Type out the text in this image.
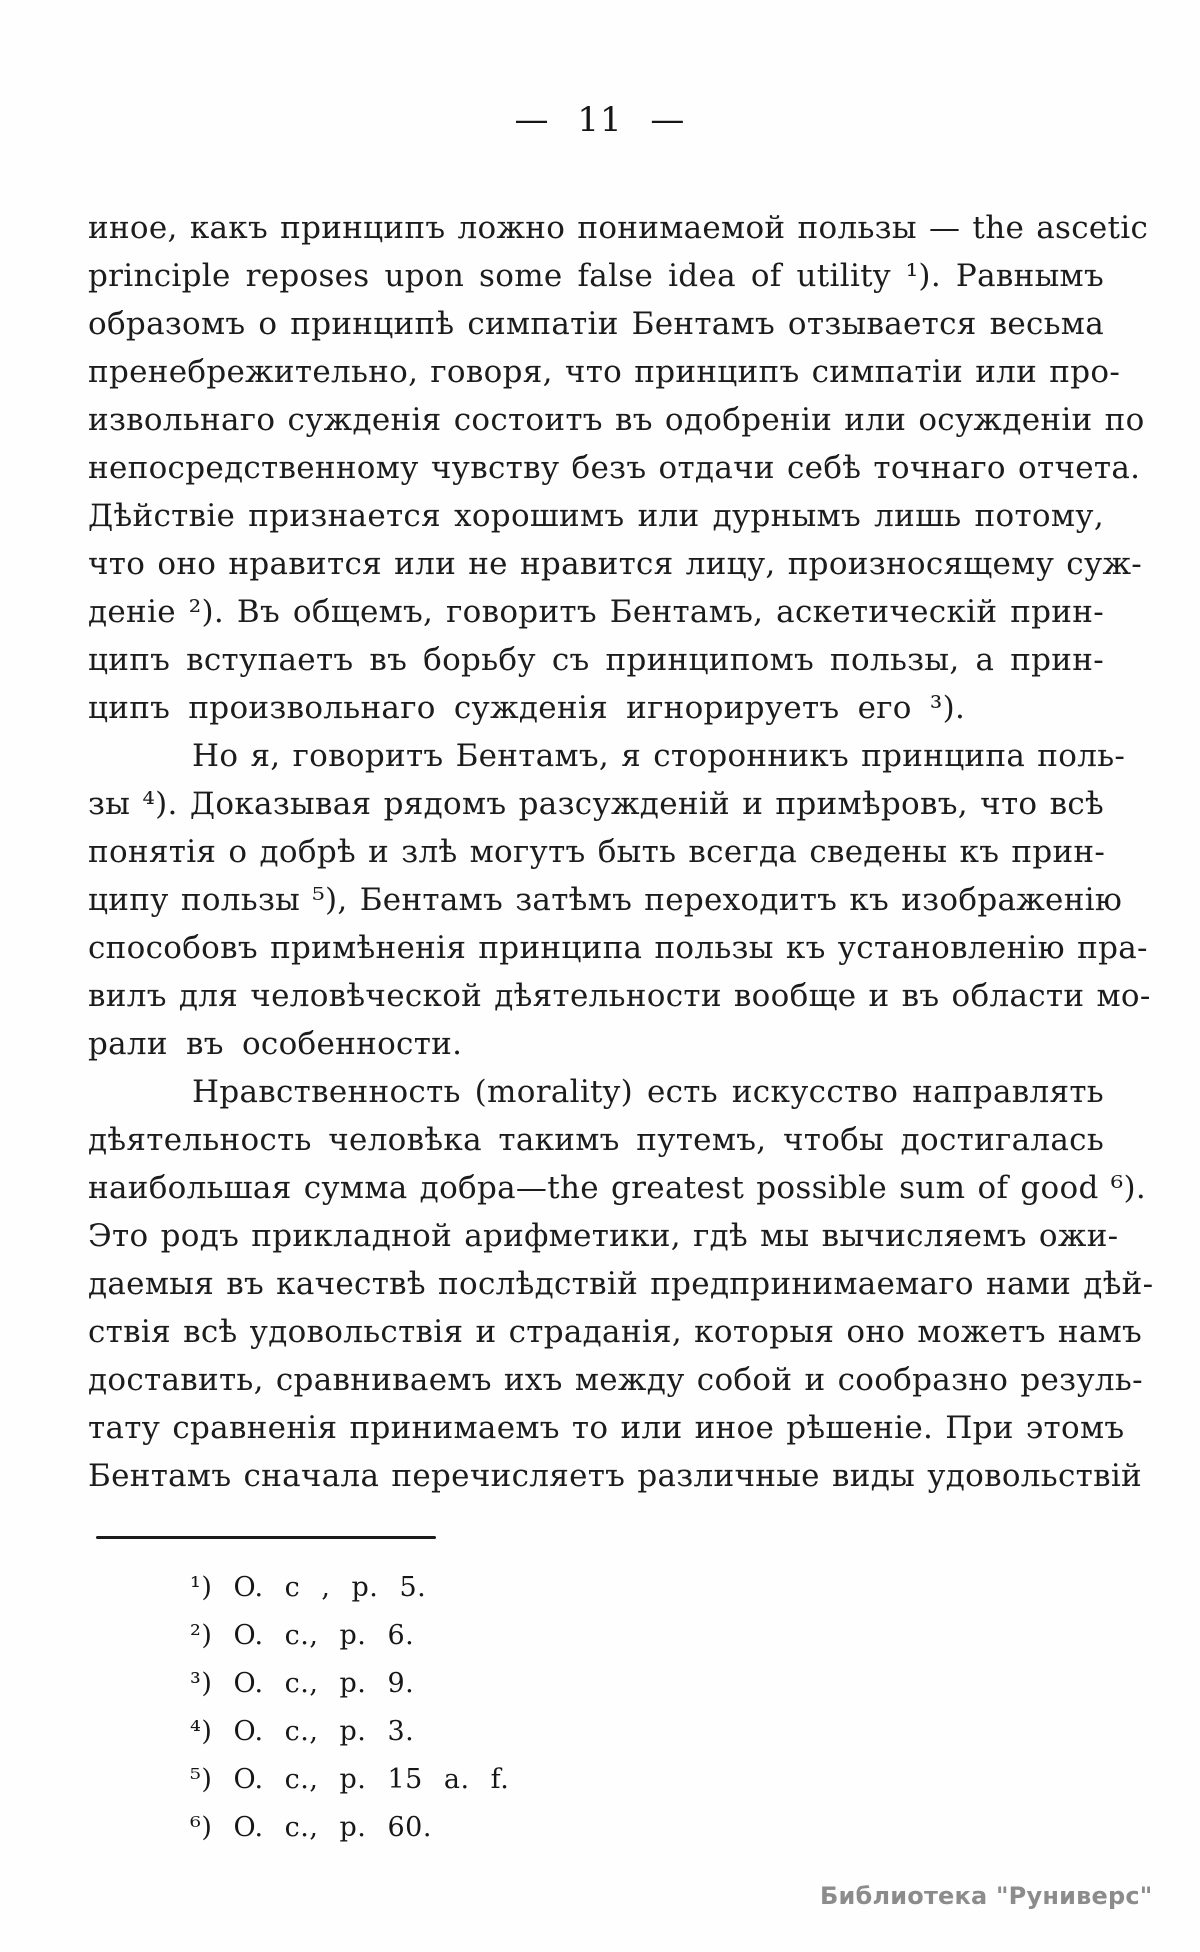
— 11 —
иное, какъ принципъ ложно понимаемой пользы — the ascetic
principle reposes upon some false idea of utility ¹). Равнымъ
образомъ о принципѣ симпатіи Бентамъ отзывается весьма
пренебрежительно, говоря, что принципъ симпатіи или про-
извольнаго сужденія состоитъ въ одобреніи или осужденіи по
непосредственному чувству безъ отдачи себѣ точнаго отчета.
Дѣйствіе признается хорошимъ или дурнымъ лишь потому,
что оно нравится или не нравится лицу, произносящему суж-
деніе ²). Въ общемъ, говоритъ Бентамъ, аскетическій прин-
ципъ вступаетъ въ борьбу съ принципомъ пользы, а прин-
ципъ произвольнаго сужденія игнорируетъ его ³).
Но я, говоритъ Бентамъ, я сторонникъ принципа поль-
зы ⁴). Доказывая рядомъ разсужденій и примѣровъ, что всѣ
понятія о добрѣ и злѣ могутъ быть всегда сведены къ прин-
ципу пользы ⁵), Бентамъ затѣмъ переходитъ къ изображенію
способовъ примѣненія принципа пользы къ установленію пра-
вилъ для человѣческой дѣятельности вообще и въ области мо-
рали въ особенности.
Нравственность (morality) есть искусство направлять
дѣятельность человѣка такимъ путемъ, чтобы достигалась
наибольшая сумма добра—the greatest possible sum of good ⁶).
Это родъ прикладной арифметики, гдѣ мы вычисляемъ ожи-
даемыя въ качествѣ послѣдствій предпринимаемаго нами дѣй-
ствія всѣ удовольствія и страданія, которыя оно можетъ намъ
доставить, сравниваемъ ихъ между собой и сообразно резуль-
тату сравненія принимаемъ то или иное рѣшеніе. При этомъ
Бентамъ сначала перечисляетъ различные виды удовольствій
¹) O. c , p. 5.
²) O. c., p. 6.
³) O. c., p. 9.
⁴) O. c., p. 3.
⁵) O. c., p. 15 a. f.
⁶) O. c., p. 60.
Библиотека "Руниверс"
